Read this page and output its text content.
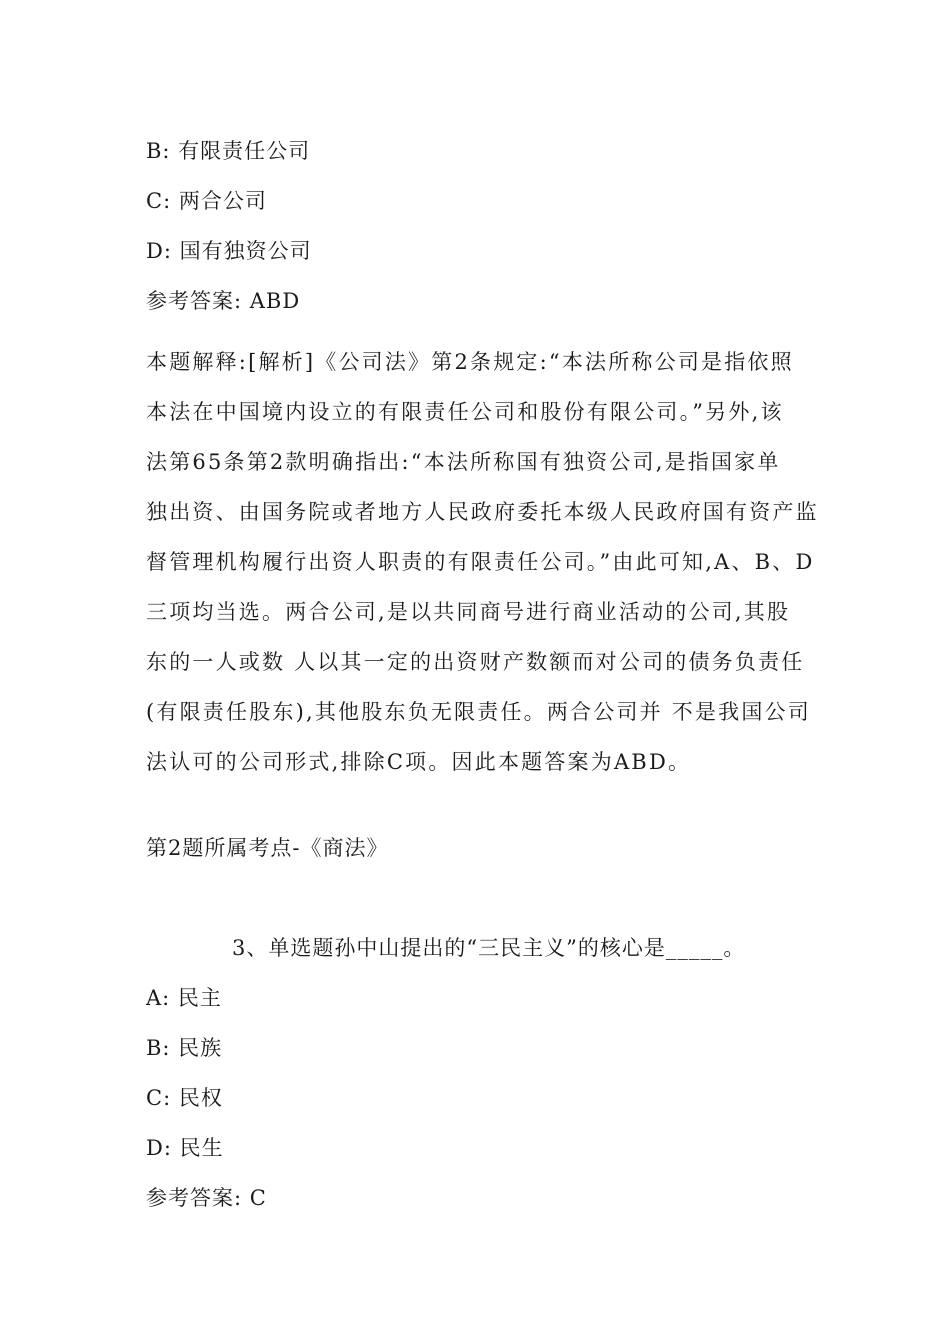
B: 有限责任公司
C: 两合公司
D: 国有独资公司
参考答案: ABD
本题解释:[解析]《公司法》第2条规定:“本法所称公司是指依照
本法在中国境内设立的有限责任公司和股份有限公司。”另外,该
法第65条第2款明确指出:“本法所称国有独资公司,是指国家单
独出资、由国务院或者地方人民政府委托本级人民政府国有资产监
督管理机构履行出资人职责的有限责任公司。”由此可知,A、B、D
三项均当选。两合公司,是以共同商号进行商业活动的公司,其股
东的一人或数 人以其一定的出资财产数额而对公司的债务负责任
(有限责任股东),其他股东负无限责任。两合公司并 不是我国公司
法认可的公司形式,排除C项。因此本题答案为ABD。
第2题所属考点-《商法》
3、单选题孙中山提出的“三民主义”的核心是_____。
A: 民主
B: 民族
C: 民权
D: 民生
参考答案: C
